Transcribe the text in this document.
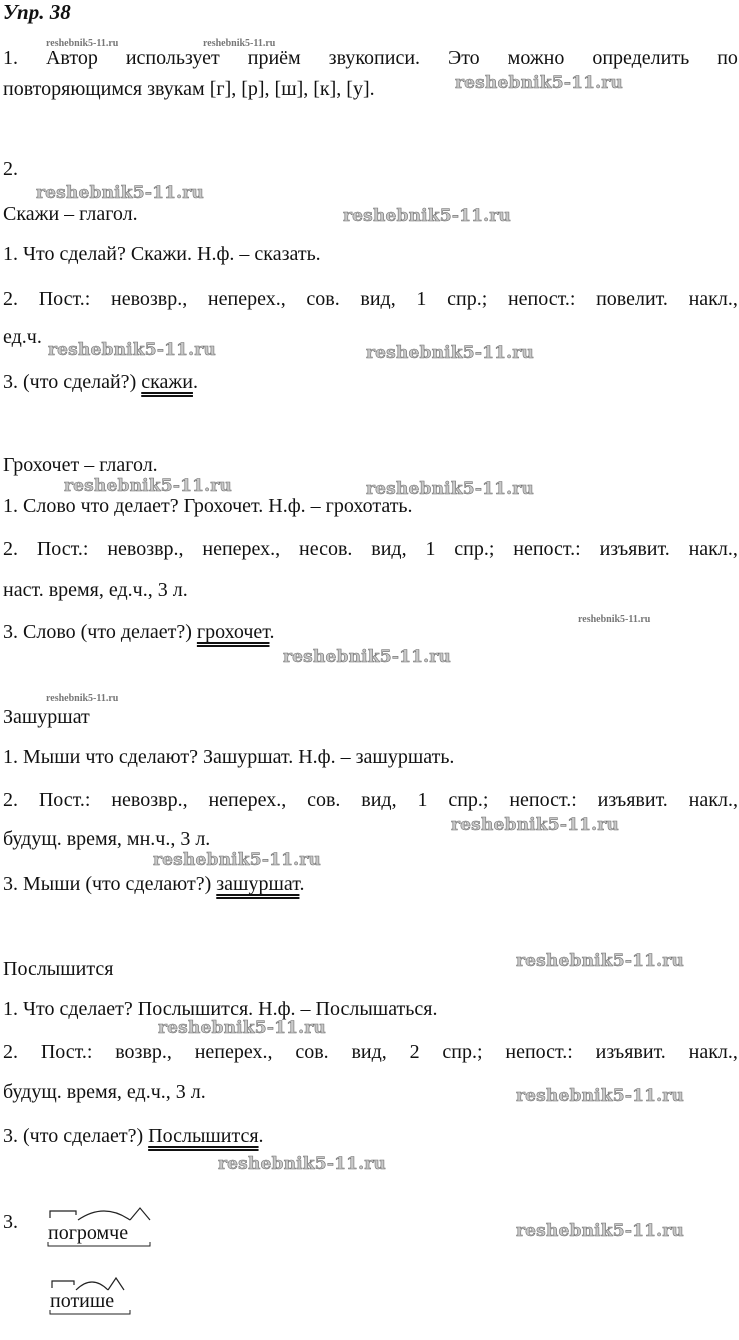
Упр. 38
1. Автор использует приём звукописи. Это можно определить по
повторяющимся звукам [г], [р], [ш], [к], [у].
2.
Скажи – глагол.
1. Что сделай? Скажи. Н.ф. – сказать.
2. Пост.: невозвр., неперех., сов. вид, 1 спр.; непост.: повелит. накл.,
ед.ч.
3. (что сделай?) скажи.
Грохочет – глагол.
1. Слово что делает? Грохочет. Н.ф. – грохотать.
2. Пост.: невозвр., неперех., несов. вид, 1 спр.; непост.: изъявит. накл.,
наст. время, ед.ч., 3 л.
3. Слово (что делает?) грохочет.
Зашуршат
1. Мыши что сделают? Зашуршат. Н.ф. – зашуршать.
2. Пост.: невозвр., неперех., сов. вид, 1 спр.; непост.: изъявит. накл.,
будущ. время, мн.ч., 3 л.
3. Мыши (что сделают?) зашуршат.
Послышится
1. Что сделает? Послышится. Н.ф. – Послышаться.
2. Пост.: возвр., неперех., сов. вид, 2 спр.; непост.: изъявит. накл.,
будущ. время, ед.ч., 3 л.
3. (что сделает?) Послышится.
3. погромче
потише
reshebnik5-11.ru	reshebnik5-11.ru
reshebnik5-11.ru
reshebnik5-11.ru
reshebnik5-11.ru
reshebnik5-11.ru	reshebnik5-11.ru
reshebnik5-11.ru	reshebnik5-11.ru
reshebnik5-11.ru
reshebnik5-11.ru
reshebnik5-11.ru
reshebnik5-11.ru
reshebnik5-11.ru
reshebnik5-11.ru
reshebnik5-11.ru
reshebnik5-11.ru
reshebnik5-11.ru
reshebnik5-11.ru
